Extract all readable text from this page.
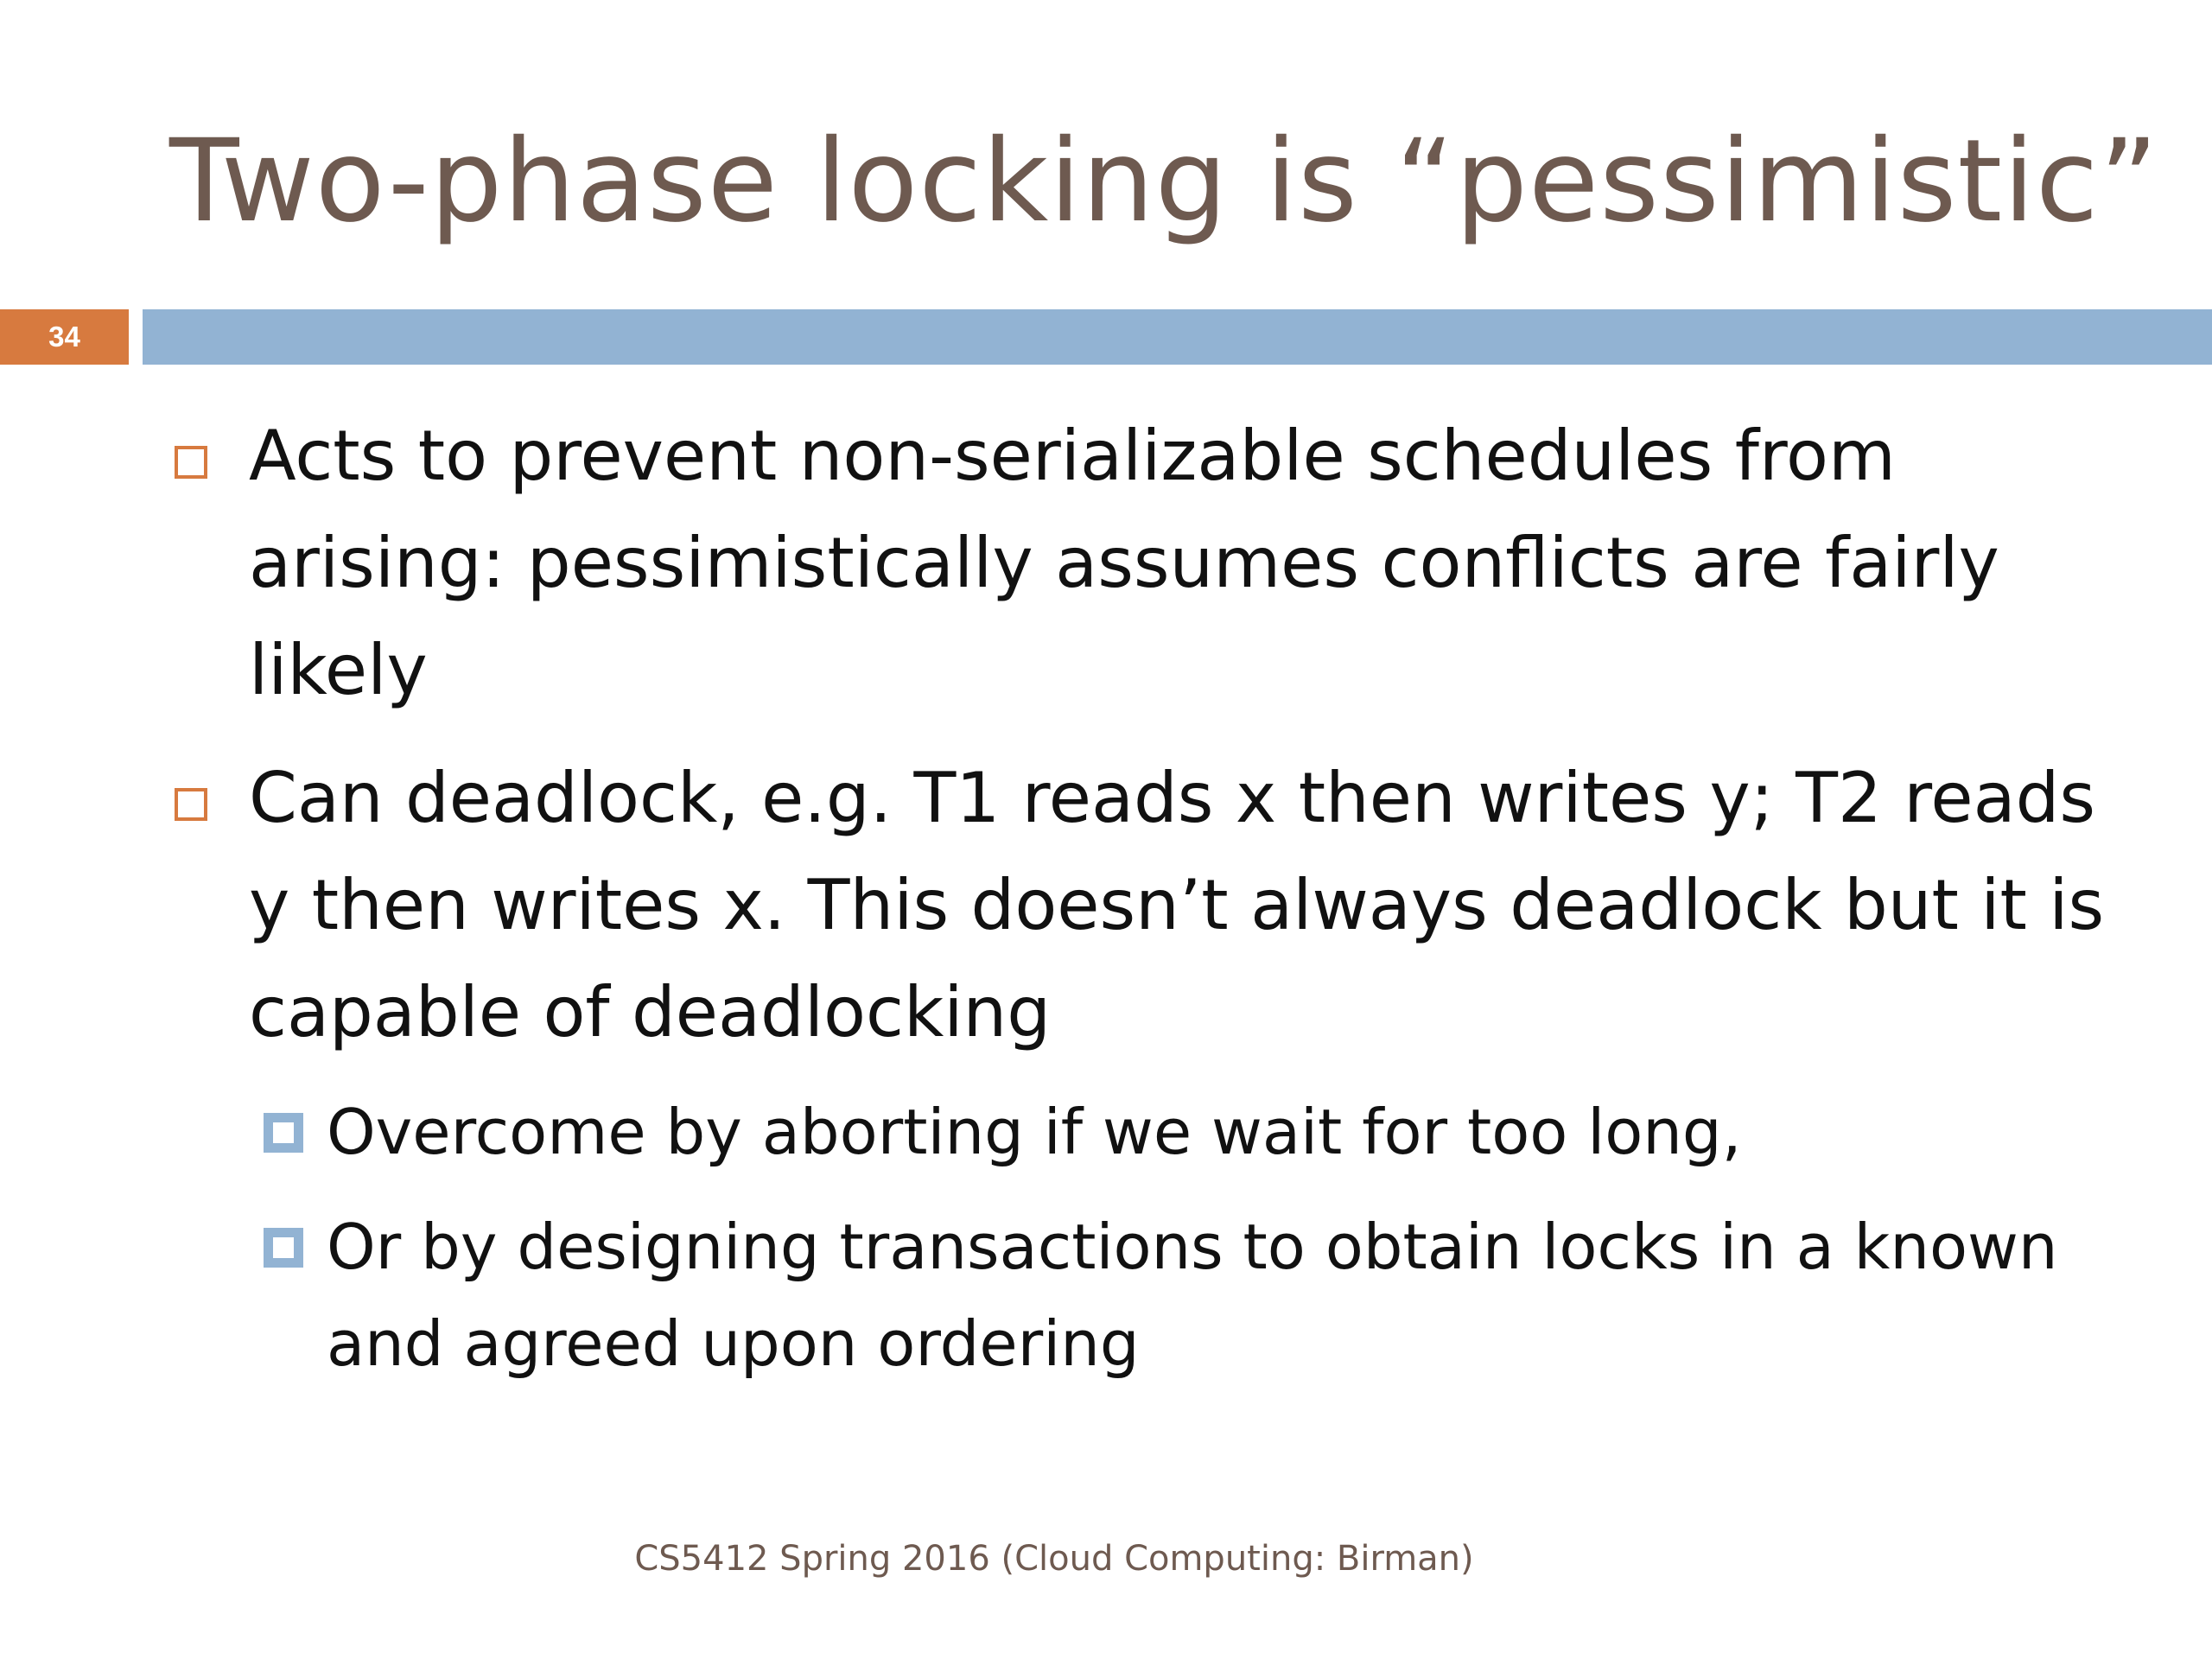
Two-phase locking is “pessimistic”
34

Acts to prevent non-serializable schedules from arising: pessimistically assumes conflicts are fairly likely

Can deadlock, e.g. T1 reads x then writes y; T2 reads y then writes x. This doesn’t always deadlock but it is capable of deadlocking

Overcome by aborting if we wait for too long,

Or by designing transactions to obtain locks in a known and agreed upon ordering

CS5412 Spring 2016 (Cloud Computing: Birman)
